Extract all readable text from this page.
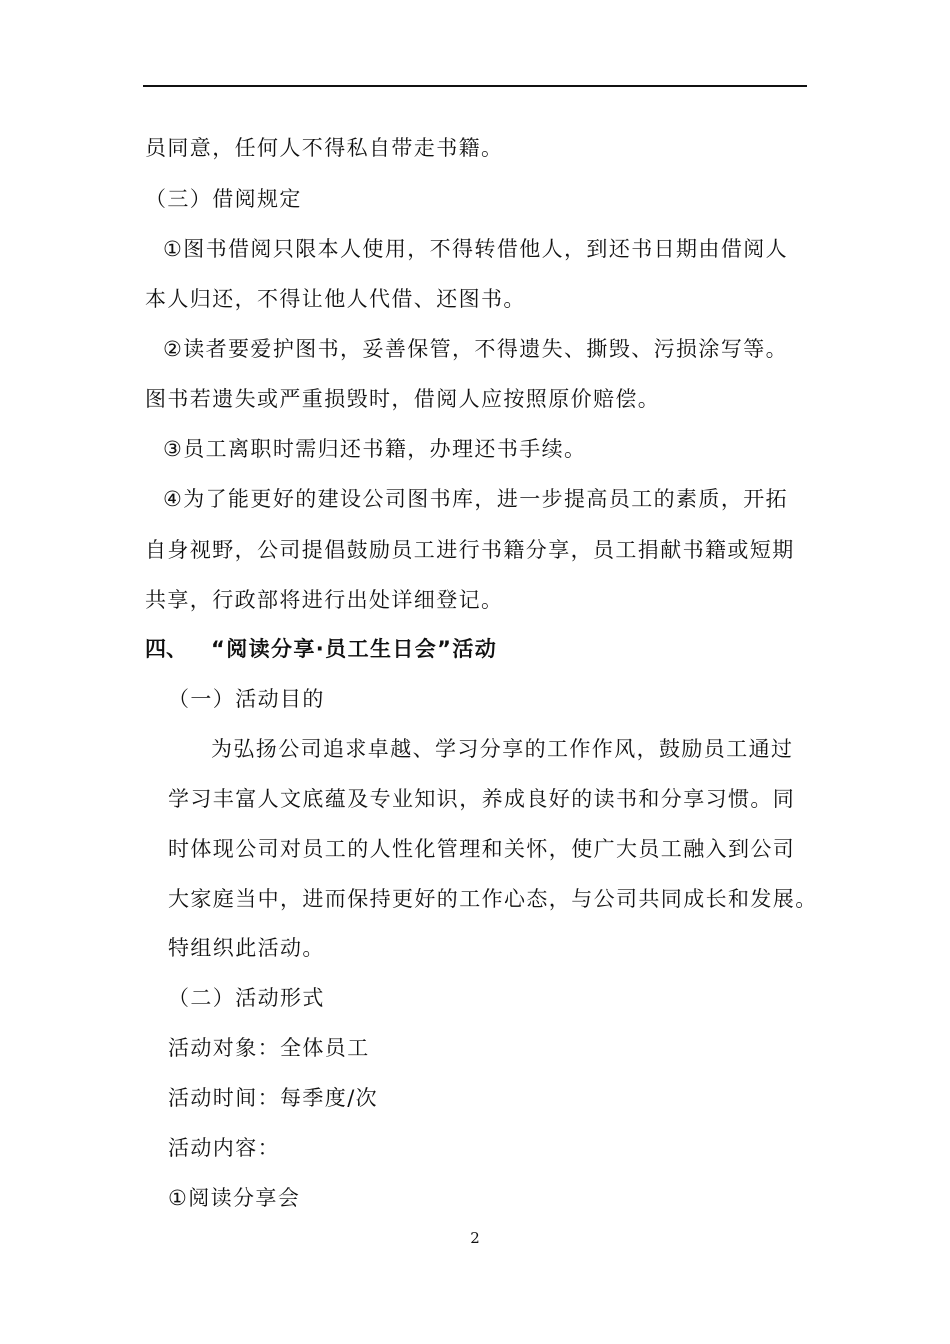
员同意，任何人不得私自带走书籍。
（三）借阅规定
①图书借阅只限本人使用，不得转借他人，到还书日期由借阅人
本人归还，不得让他人代借、还图书。
②读者要爱护图书，妥善保管，不得遗失、撕毁、污损涂写等。
图书若遗失或严重损毁时，借阅人应按照原价赔偿。
③员工离职时需归还书籍，办理还书手续。
④为了能更好的建设公司图书库，进一步提高员工的素质，开拓
自身视野，公司提倡鼓励员工进行书籍分享，员工捐献书籍或短期
共享，行政部将进行出处详细登记。
四、 “阅读分享·员工生日会”活动
（一）活动目的
为弘扬公司追求卓越、学习分享的工作作风，鼓励员工通过
学习丰富人文底蕴及专业知识，养成良好的读书和分享习惯。同
时体现公司对员工的人性化管理和关怀，使广大员工融入到公司
大家庭当中，进而保持更好的工作心态，与公司共同成长和发展。
特组织此活动。
（二）活动形式
活动对象：全体员工
活动时间：每季度/次
活动内容：
①阅读分享会
2
